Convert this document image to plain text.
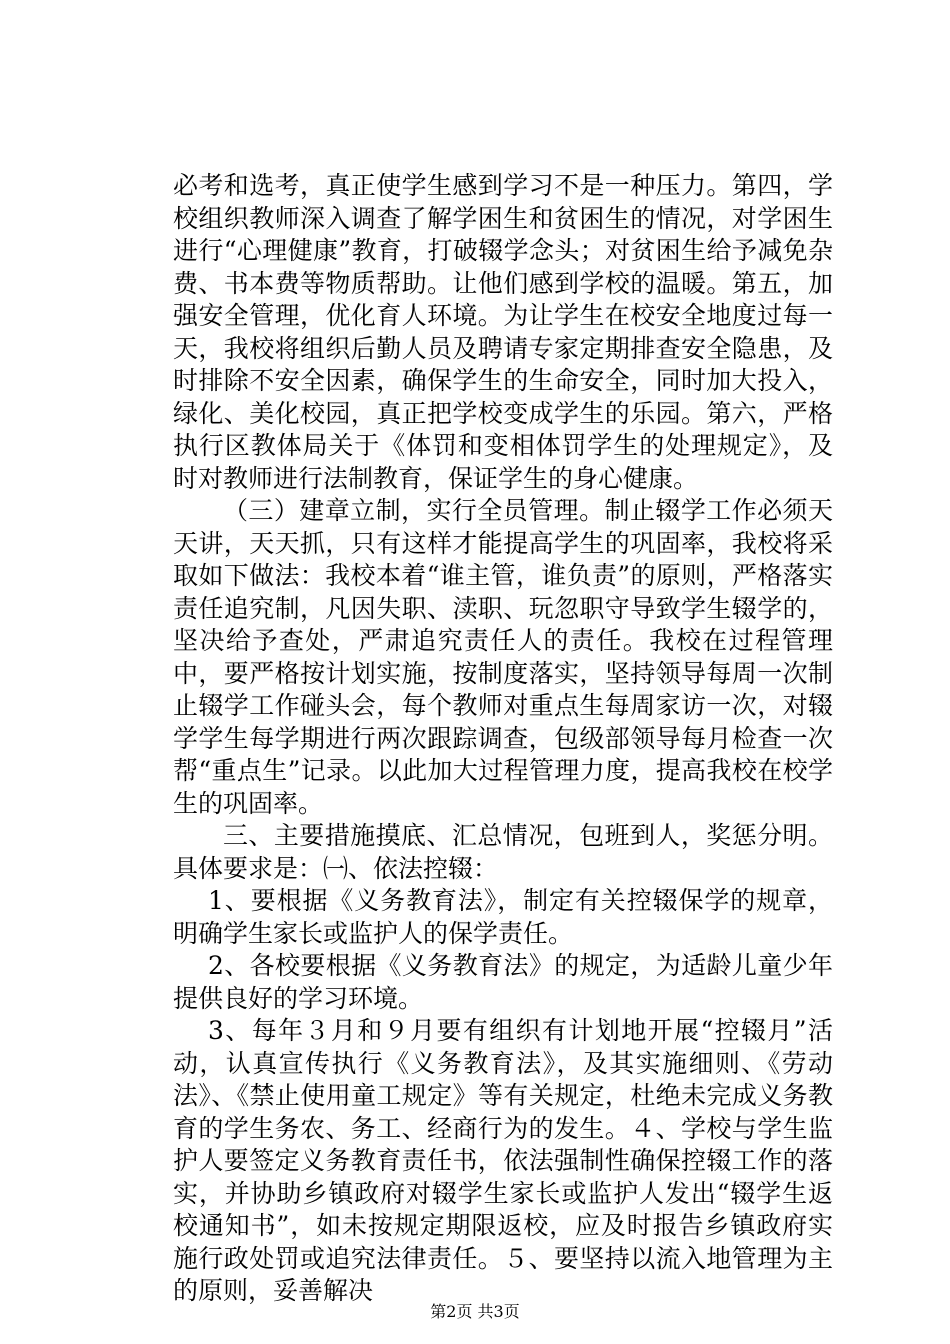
必考和选考，真正使学生感到学习不是一种压力。第四，学校组织教师深入调查了解学困生和贫困生的情况，对学困生进行“心理健康”教育，打破辍学念头；对贫困生给予减免杂费、书本费等物质帮助。让他们感到学校的温暖。第五，加强安全管理，优化育人环境。为让学生在校安全地度过每一天，我校将组织后勤人员及聘请专家定期排查安全隐患，及时排除不安全因素，确保学生的生命安全，同时加大投入，绿化、美化校园，真正把学校变成学生的乐园。第六，严格执行区教体局关于《体罚和变相体罚学生的处理规定》，及时对教师进行法制教育，保证学生的身心健康。

（三）建章立制，实行全员管理。制止辍学工作必须天天讲，天天抓，只有这样才能提高学生的巩固率，我校将采取如下做法：我校本着“谁主管，谁负责”的原则，严格落实责任追究制，凡因失职、渎职、玩忽职守导致学生辍学的，坚决给予查处，严肃追究责任人的责任。我校在过程管理中，要严格按计划实施，按制度落实，坚持领导每周一次制止辍学工作碰头会，每个教师对重点生每周家访一次，对辍学学生每学期进行两次跟踪调查，包级部领导每月检查一次帮“重点生”记录。以此加大过程管理力度，提高我校在校学生的巩固率。

三、主要措施摸底、汇总情况，包班到人，奖惩分明。具体要求是：㈠、依法控辍：

1、要根据《义务教育法》，制定有关控辍保学的规章，明确学生家长或监护人的保学责任。

2、各校要根据《义务教育法》的规定，为适龄儿童少年提供良好的学习环境。

3、每年３月和９月要有组织有计划地开展“控辍月”活动，认真宣传执行《义务教育法》，及其实施细则、《劳动法》、《禁止使用童工规定》等有关规定，杜绝未完成义务教育的学生务农、务工、经商行为的发生。４、学校与学生监护人要签定义务教育责任书，依法强制性确保控辍工作的落实，并协助乡镇政府对辍学生家长或监护人发出“辍学生返校通知书”，如未按规定期限返校，应及时报告乡镇政府实施行政处罚或追究法律责任。５、要坚持以流入地管理为主的原则，妥善解决

第2页 共3页
